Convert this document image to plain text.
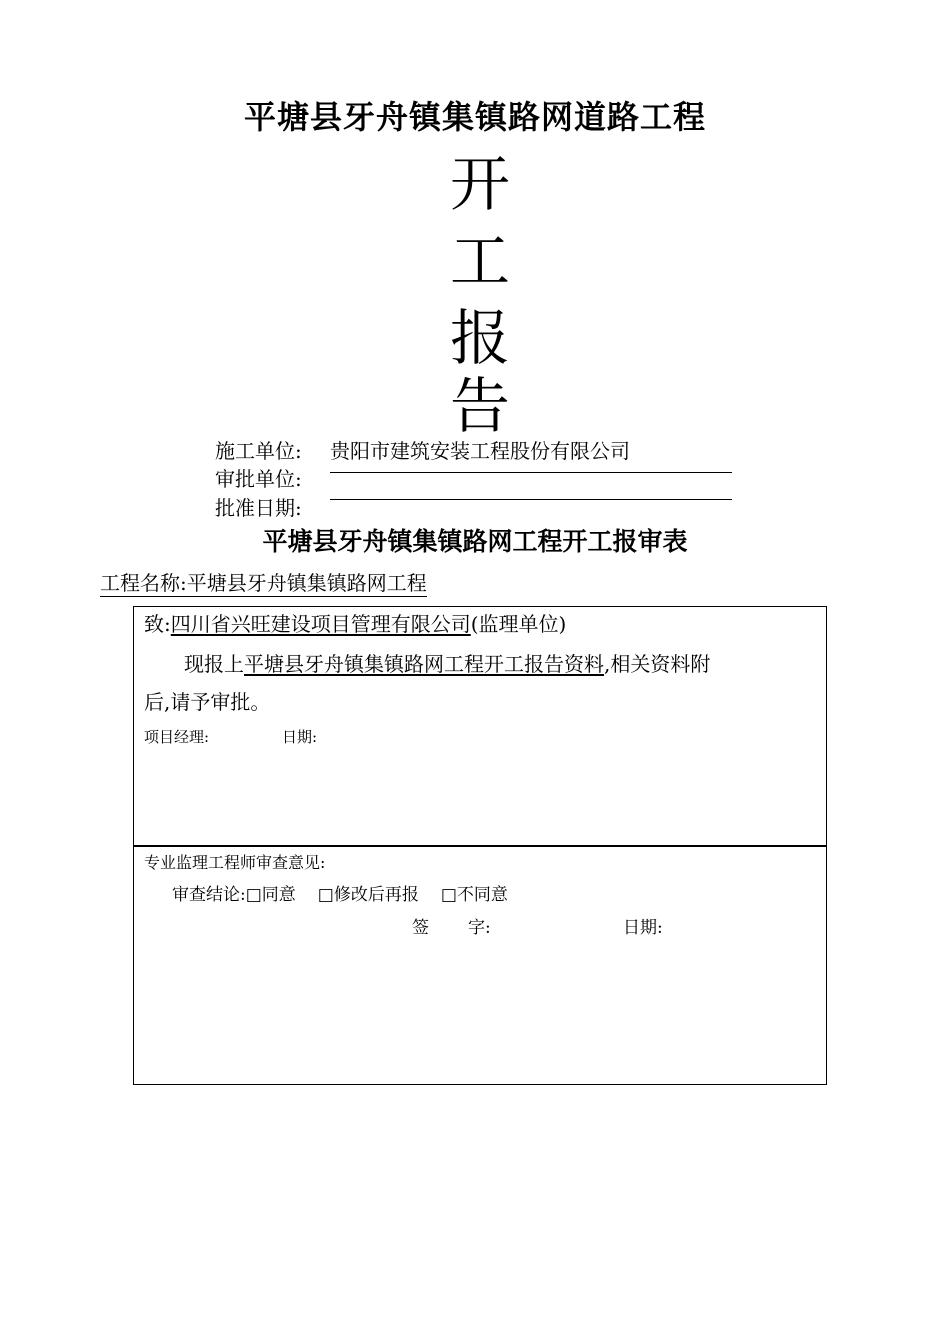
平塘县牙舟镇集镇路网道路工程
开
工
报
告
施工单位: 贵阳市建筑安装工程股份有限公司
审批单位:
批准日期:
平塘县牙舟镇集镇路网工程开工报审表
工程名称:平塘县牙舟镇集镇路网工程
致:四川省兴旺建设项目管理有限公司(监理单位)
现报上平塘县牙舟镇集镇路网工程开工报告资料,相关资料附
后,请予审批。
项目经理:	日期:
专业监理工程师审查意见:
审查结论:□同意 □修改后再报 □不同意
签 字:	日期:
